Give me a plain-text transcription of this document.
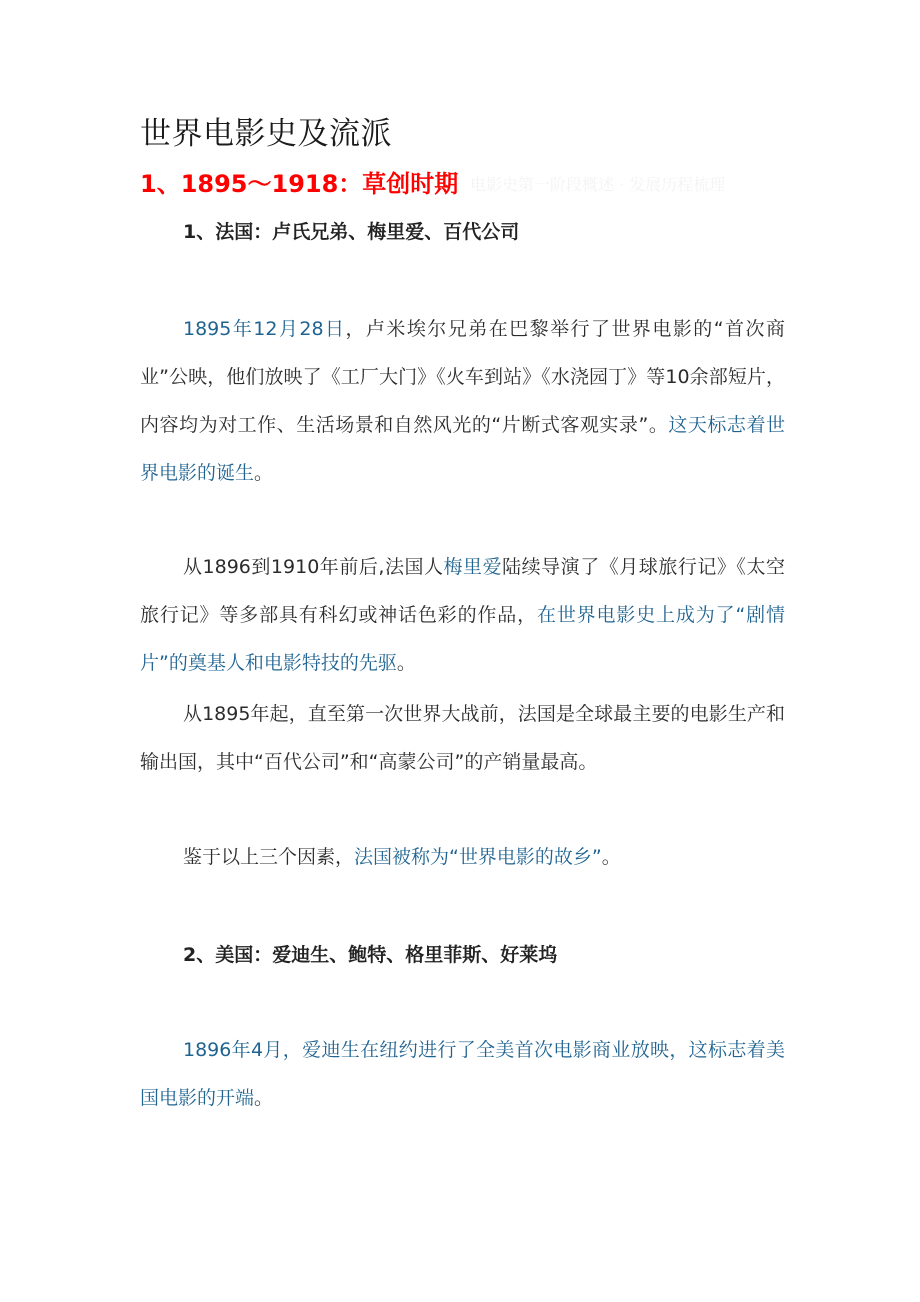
世界电影史及流派
1、1895～1918：草创时期 电影史第一阶段概述 · 发展历程梳理
1、法国：卢氏兄弟、梅里爱、百代公司

1895年12月28日，卢米埃尔兄弟在巴黎举行了世界电影的“首次商业”公映，他们放映了《工厂大门》《火车到站》《水浇园丁》等10余部短片，内容均为对工作、生活场景和自然风光的“片断式客观实录”。这天标志着世界电影的诞生。

从1896到1910年前后,法国人梅里爱陆续导演了《月球旅行记》《太空旅行记》等多部具有科幻或神话色彩的作品，在世界电影史上成为了“剧情片”的奠基人和电影特技的先驱。

从1895年起，直至第一次世界大战前，法国是全球最主要的电影生产和输出国，其中“百代公司”和“高蒙公司”的产销量最高。

鉴于以上三个因素，法国被称为“世界电影的故乡”。

2、美国：爱迪生、鲍特、格里菲斯、好莱坞

1896年4月，爱迪生在纽约进行了全美首次电影商业放映，这标志着美国电影的开端。
